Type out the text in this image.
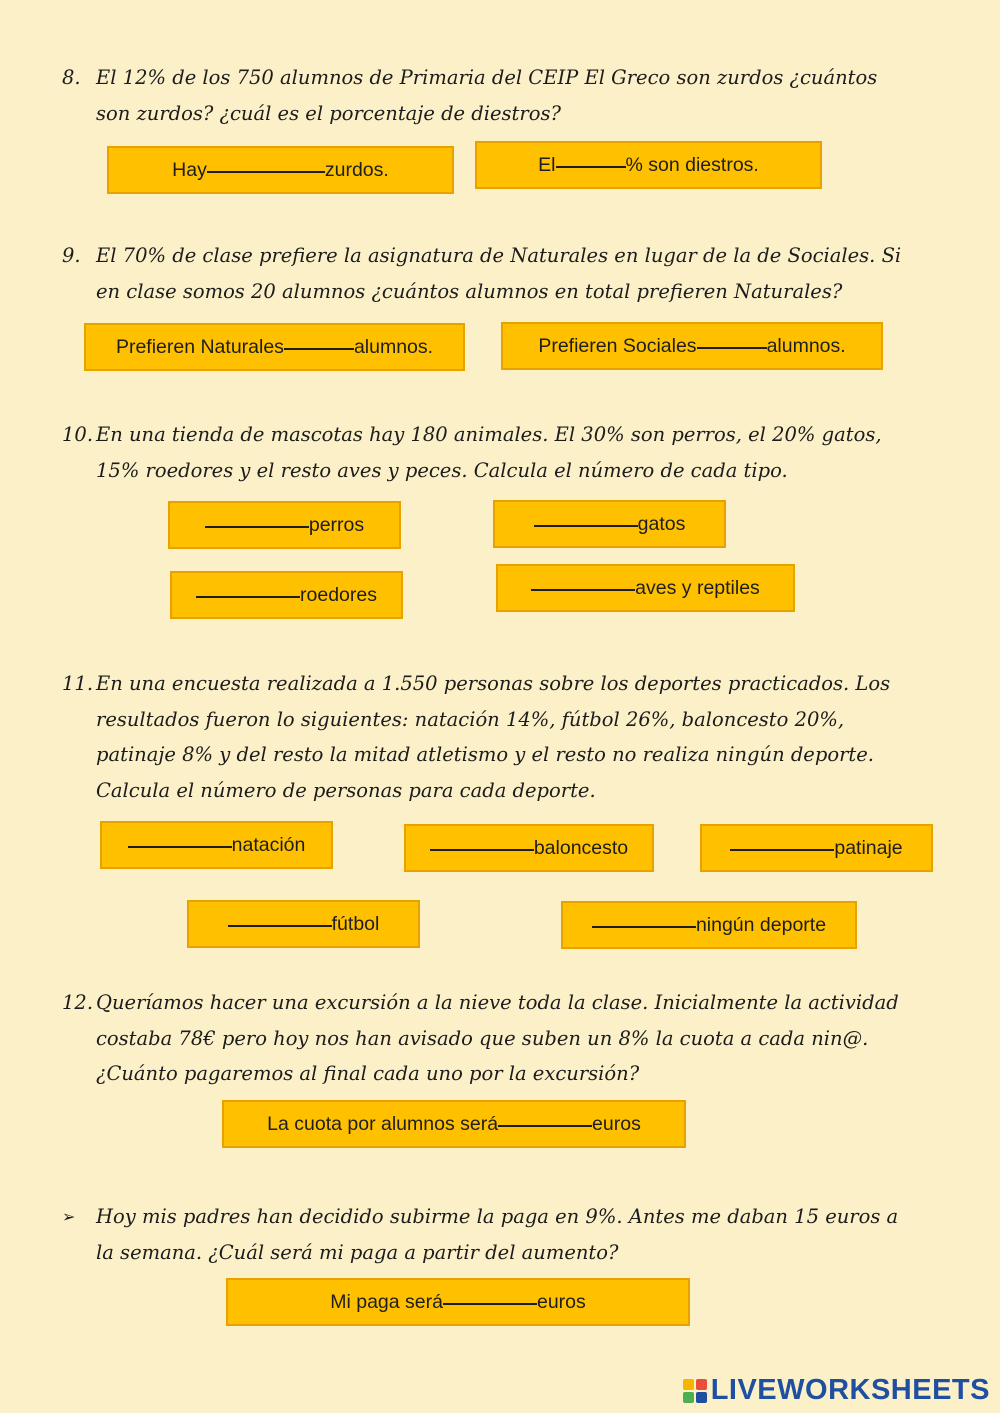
8. El 12% de los 750 alumnos de Primaria del CEIP El Greco son zurdos ¿cuántos
son zurdos? ¿cuál es el porcentaje de diestros?
Hay	zurdos.	El	% son diestros.
9. El 70% de clase prefiere la asignatura de Naturales en lugar de la de Sociales. Si
en clase somos 20 alumnos ¿cuántos alumnos en total prefieren Naturales?
Prefieren Naturales	alumnos.	Prefieren Sociales	alumnos.
10. En una tienda de mascotas hay 180 animales. El 30% son perros, el 20% gatos,
15% roedores y el resto aves y peces. Calcula el número de cada tipo.
perros	gatos
roedores	aves y reptiles
11. En una encuesta realizada a 1.550 personas sobre los deportes practicados. Los
resultados fueron lo siguientes: natación 14%, fútbol 26%, baloncesto 20%,
patinaje 8% y del resto la mitad atletismo y el resto no realiza ningún deporte.
Calcula el número de personas para cada deporte.
natación	baloncesto	patinaje
fútbol	ningún deporte
12. Queríamos hacer una excursión a la nieve toda la clase. Inicialmente la actividad
costaba 78€ pero hoy nos han avisado que suben un 8% la cuota a cada nin@.
¿Cuánto pagaremos al final cada uno por la excursión?
La cuota por alumnos será	euros
➢	Hoy mis padres han decidido subirme la paga en 9%. Antes me daban 15 euros a
la semana. ¿Cuál será mi paga a partir del aumento?
Mi paga será	euros
LIVEWORKSHEETS
